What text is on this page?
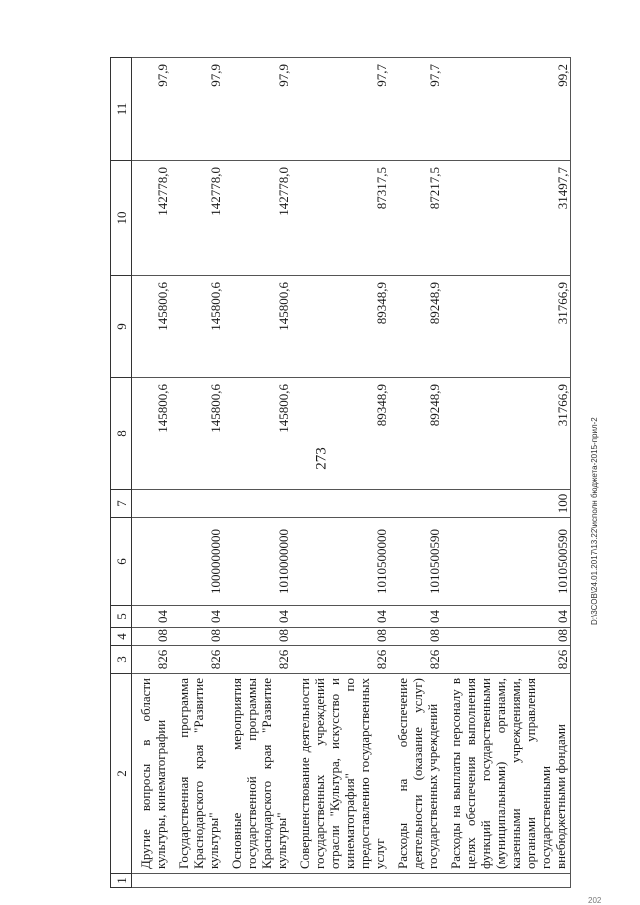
273
1	2	3	4	5	6	7	8	9	10	11
	Другие вопросы в области культуры, кинематографии	826	08	04			145800,6	145800,6	142778,0	97,9
	Государственная программа Краснодарского края "Развитие культуры"	826	08	04	1000000000		145800,6	145800,6	142778,0	97,9
	Основные мероприятия государственной программы Краснодарского края "Развитие культуры"	826	08	04	1010000000		145800,6	145800,6	142778,0	97,9
	Совершенствование деятельности государственных учреждений отрасли "Культура, искусство и кинематография" по предоставлению государственных услуг	826	08	04	1010500000		89348,9	89348,9	87317,5	97,7
	Расходы на обеспечение деятельности (оказание услуг) государственных учреждений	826	08	04	1010500590		89248,9	89248,9	87217,5	97,7
	Расходы на выплаты персоналу в целях обеспечения выполнения функций государственными (муниципальными) органами, казенными учреждениями, органами управления государственными внебюджетными фондами	826	08	04	1010500590	100	31766,9	31766,9	31497,7	99,2
D:\3СОВ\24.01.2017\13.22\исполн бюджета-2015-прил-2
202
